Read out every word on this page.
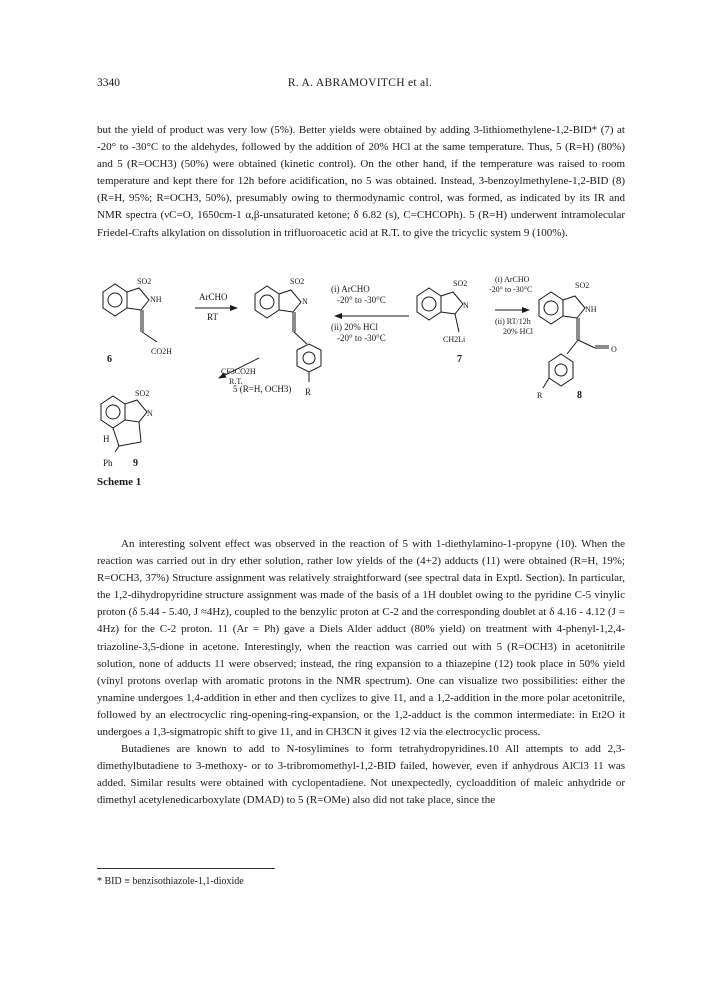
3340	R. A. ABRAMOVITCH et al.

but the yield of product was very low (5%). Better yields were obtained by adding 3-lithiomethylene-1,2-BID* (7) at -20° to -30°C to the aldehydes, followed by the addition of 20% HCl at the same temperature. Thus, 5 (R=H) (80%) and 5 (R=OCH3) (50%) were obtained (kinetic control). On the other hand, if the temperature was raised to room temperature and kept there for 12h before acidification, no 5 was obtained. Instead, 3-benzoylmethylene-1,2-BID (8) (R=H, 95%; R=OCH3, 50%), presumably owing to thermodynamic control, was formed, as indicated by its IR and NMR spectra (νC=O, 1650cm-1 α,β-unsaturated ketone; δ 6.82 (s), C=CHCOPh). 5 (R=H) underwent intramolecular Friedel-Crafts alkylation on dissolution in trifluoroacetic acid at R.T. to give the tricyclic system 9 (100%).

SO2
NH
CO2H
6
ArCHO
RT
SO2
N
R
5 (R=H, OCH3)
(i) ArCHO
-20° to -30°C
(ii) 20% HCl
-20° to -30°C
SO2
N
CH2Li
7
(i) ArCHO
-20° to -30°C
(ii) RT/12h
20% HCl
SO2
NH
O
R	8
CF3CO2H
R.T.
SO2
N
H
Ph 9
Scheme 1

An interesting solvent effect was observed in the reaction of 5 with 1-diethylamino-1-propyne (10). When the reaction was carried out in dry ether solution, rather low yields of the (4+2) adducts (11) were obtained (R=H, 19%; R=OCH3, 37%) Structure assignment was relatively straightforward (see spectral data in Exptl. Section). In particular, the 1,2-dihydropyridine structure assignment was made of the basis of a 1H doublet owing to the pyridine C-5 vinylic proton (δ 5.44 - 5.40, J ≈4Hz), coupled to the benzylic proton at C-2 and the corresponding doublet at δ 4.16 - 4.12 (J = 4Hz) for the C-2 proton. 11 (Ar = Ph) gave a Diels Alder adduct (80% yield) on treatment with 4-phenyl-1,2,4-triazoline-3,5-dione in acetone. Interestingly, when the reaction was carried out with 5 (R=OCH3) in acetonitrile solution, none of adducts 11 were observed; instead, the ring expansion to a thiazepine (12) took place in 50% yield (vinyl protons overlap with aromatic protons in the NMR spectrum). One can visualize two possibilities: either the ynamine undergoes 1,4-addition in ether and then cyclizes to give 11, and a 1,2-addition in the more polar acetonitrile, followed by an electrocyclic ring-opening-ring-expansion, or the 1,2-adduct is the common intermediate: in Et2O it undergoes a 1,3-sigmatropic shift to give 11, and in CH3CN it gives 12 via the electrocyclic process.

Butadienes are known to add to N-tosylimines to form tetrahydropyridines.10 All attempts to add 2,3-dimethylbutadiene to 3-methoxy- or to 3-tribromomethyl-1,2-BID failed, however, even if anhydrous AlCl3 11 was added. Similar results were obtained with cyclopentadiene. Not unexpectedly, cycloaddition of maleic anhydride or dimethyl acetylenedicarboxylate (DMAD) to 5 (R=OMe) also did not take place, since the

* BID ≡ benzisothiazole-1,1-dioxide
